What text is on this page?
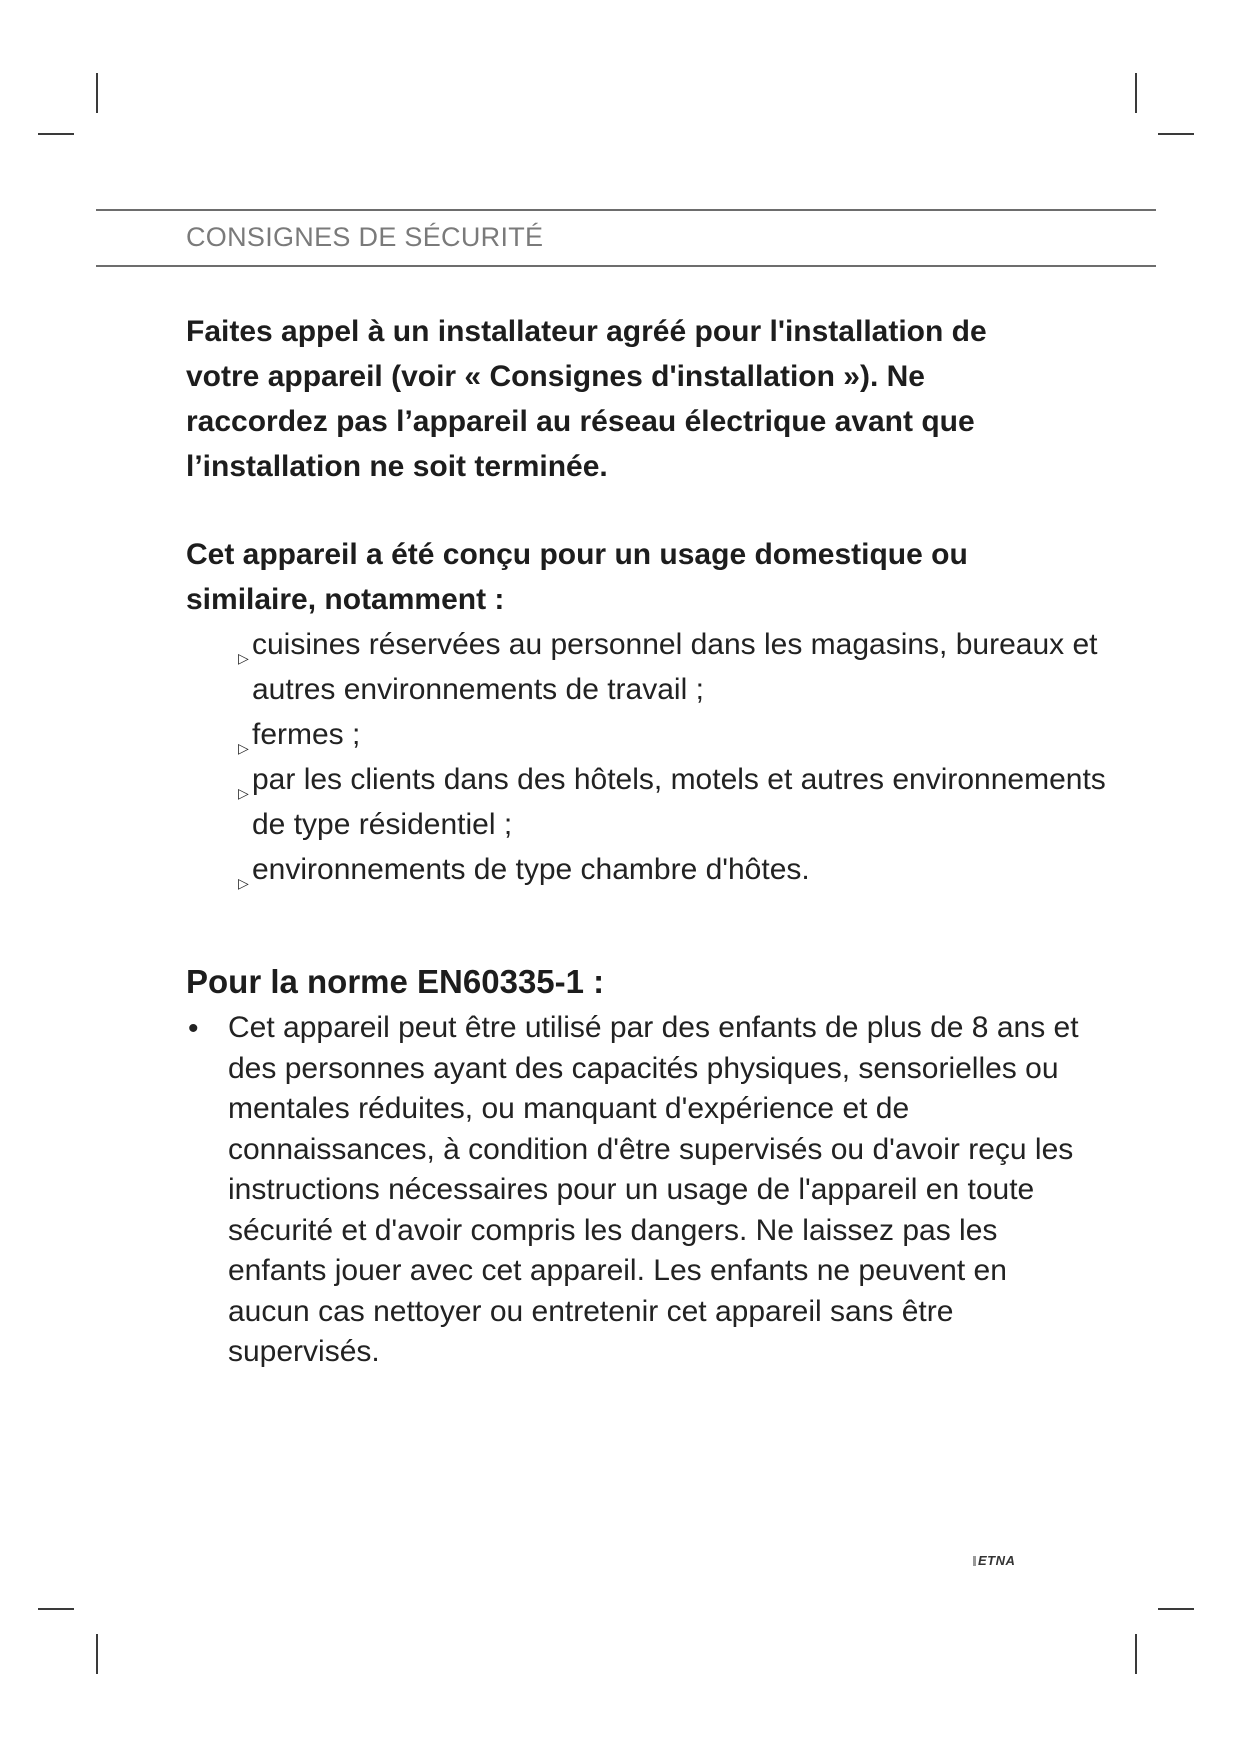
CONSIGNES DE SÉCURITÉ
Faites appel à un installateur agréé pour l'installation de votre appareil (voir « Consignes d'installation »). Ne raccordez pas l’appareil au réseau électrique avant que l’installation ne soit terminée.
Cet appareil a été conçu pour un usage domestique ou similaire, notamment :
▷ cuisines réservées au personnel dans les magasins, bureaux et autres environnements de travail ;
▷ fermes ;
▷ par les clients dans des hôtels, motels et autres environnements de type résidentiel ;
▷ environnements de type chambre d'hôtes.
Pour la norme EN60335-1 :
• Cet appareil peut être utilisé par des enfants de plus de 8 ans et des personnes ayant des capacités physiques, sensorielles ou mentales réduites, ou manquant d'expérience et de connaissances, à condition d'être supervisés ou d'avoir reçu les instructions nécessaires pour un usage de l'appareil en toute sécurité et d'avoir compris les dangers. Ne laissez pas les enfants jouer avec cet appareil. Les enfants ne peuvent en aucun cas nettoyer ou entretenir cet appareil sans être supervisés.
ETNA
